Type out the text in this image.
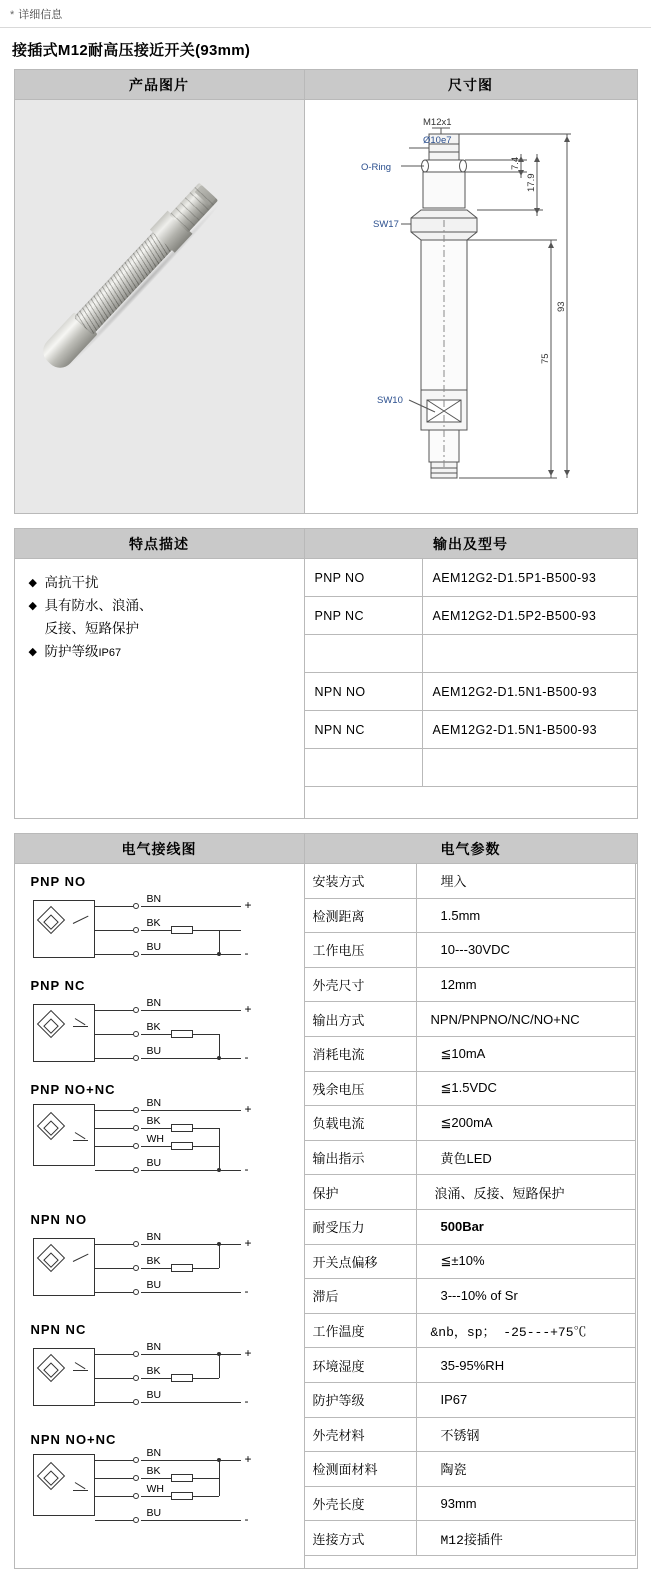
* 详细信息
接插式M12耐高压接近开关(93mm)
产品图片	尺寸图

M12x1
Ø10e7
O-Ring
SW17
SW10
7.4
17.9
75
93
特点描述	输出及型号

◆ 高抗干扰
◆ 具有防水、浪涌、
反接、短路保护
◆ 防护等级IP67

PNP NO	AEM12G2-D1.5P1-B500-93
PNP NC	AEM12G2-D1.5P2-B500-93

NPN NO	AEM12G2-D1.5N1-B500-93
NPN NC	AEM12G2-D1.5N1-B500-93

电气接线图	电气参数

PNP NO
BN
BK
BU
+
-
PNP NC
BN
BK
BU
+
-
PNP NO+NC
BN
BK
WH
BU
+
-
NPN NO
BN
BK
BU
+
-
NPN NC
BN
BK
BU
+
-
NPN NO+NC
BN
BK
WH
BU
+
-

安装方式	埋入
检测距离	1.5mm
工作电压	10---30VDC
外壳尺寸	12mm
输出方式	NPN/PNPNO/NC/NO+NC
消耗电流	≦10mA
残余电压	≦1.5VDC
负载电流	≦200mA
输出指示	黄色LED
保护	浪涌、反接、短路保护
耐受压力	500Bar
开关点偏移	≦±10%
滞后	3---10% of Sr
工作温度	&nb，sp； -25---+75℃
环境湿度	35-95%RH
防护等级	IP67
外壳材料	不锈钢
检测面材料	陶瓷
外壳长度	93mm
连接方式	M12接插件
